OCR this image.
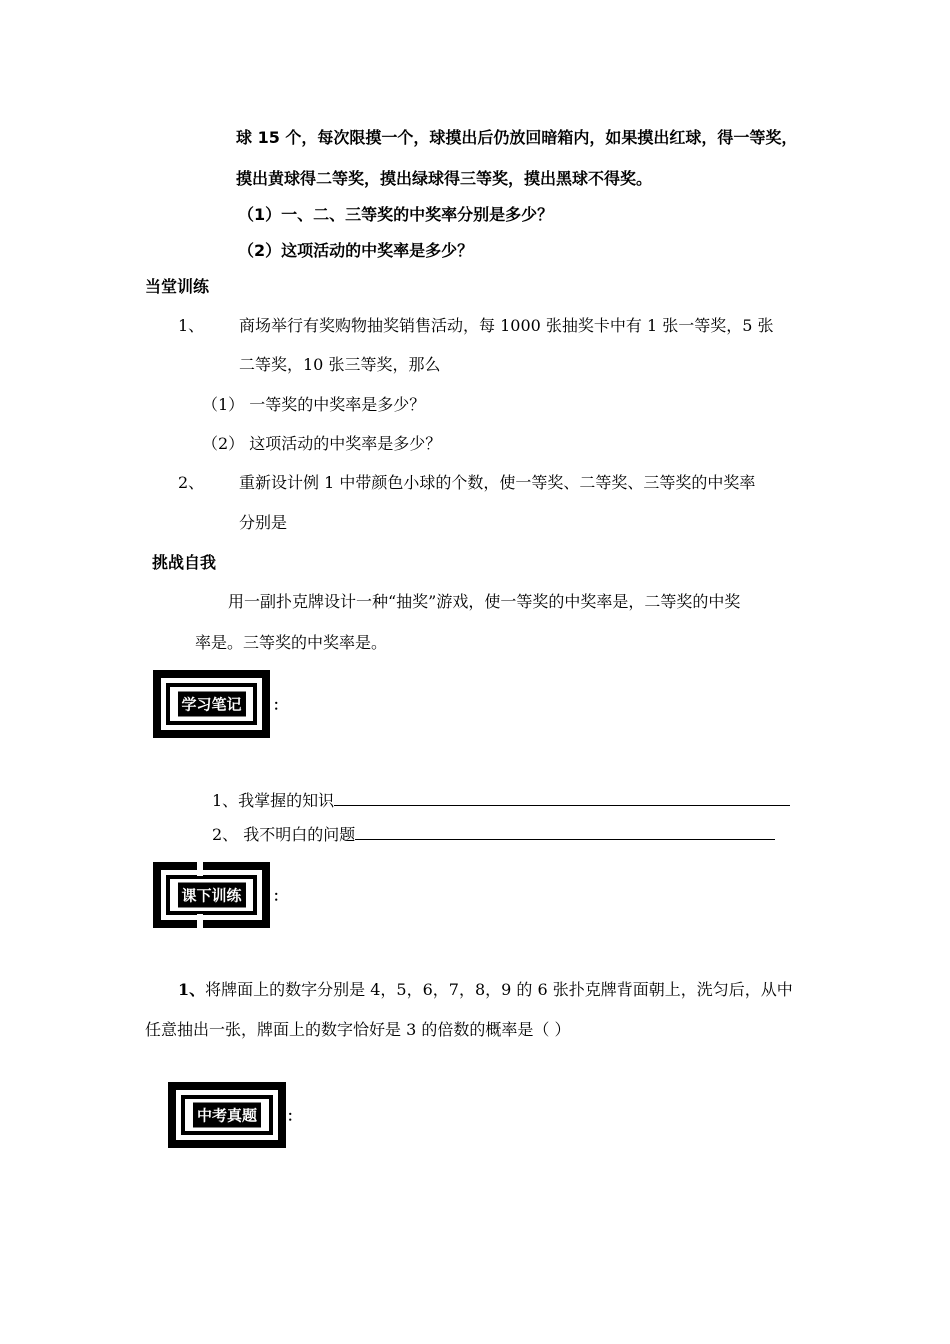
球 15 个，每次限摸一个，球摸出后仍放回暗箱内，如果摸出红球，得一等奖，
摸出黄球得二等奖，摸出绿球得三等奖，摸出黑球不得奖。
（1）一、二、三等奖的中奖率分别是多少？
（2）这项活动的中奖率是多少？
当堂训练
1、 商场举行有奖购物抽奖销售活动，每 1000 张抽奖卡中有 1 张一等奖，5 张
二等奖，10 张三等奖，那么
（1） 一等奖的中奖率是多少？
（2） 这项活动的中奖率是多少？
2、 重新设计例 1 中带颜色小球的个数，使一等奖、二等奖、三等奖的中奖率
分别是
挑战自我
用一副扑克牌设计一种“抽奖”游戏，使一等奖的中奖率是，二等奖的中奖
率是。三等奖的中奖率是。
学习笔记 ：
1、我掌握的知识
2、 我不明白的问题
课下训练 ：
1、将牌面上的数字分别是 4，5，6，7，8，9 的 6 张扑克牌背面朝上，洗匀后，从中
任意抽出一张，牌面上的数字恰好是 3 的倍数的概率是（ ）
中考真题 ：
